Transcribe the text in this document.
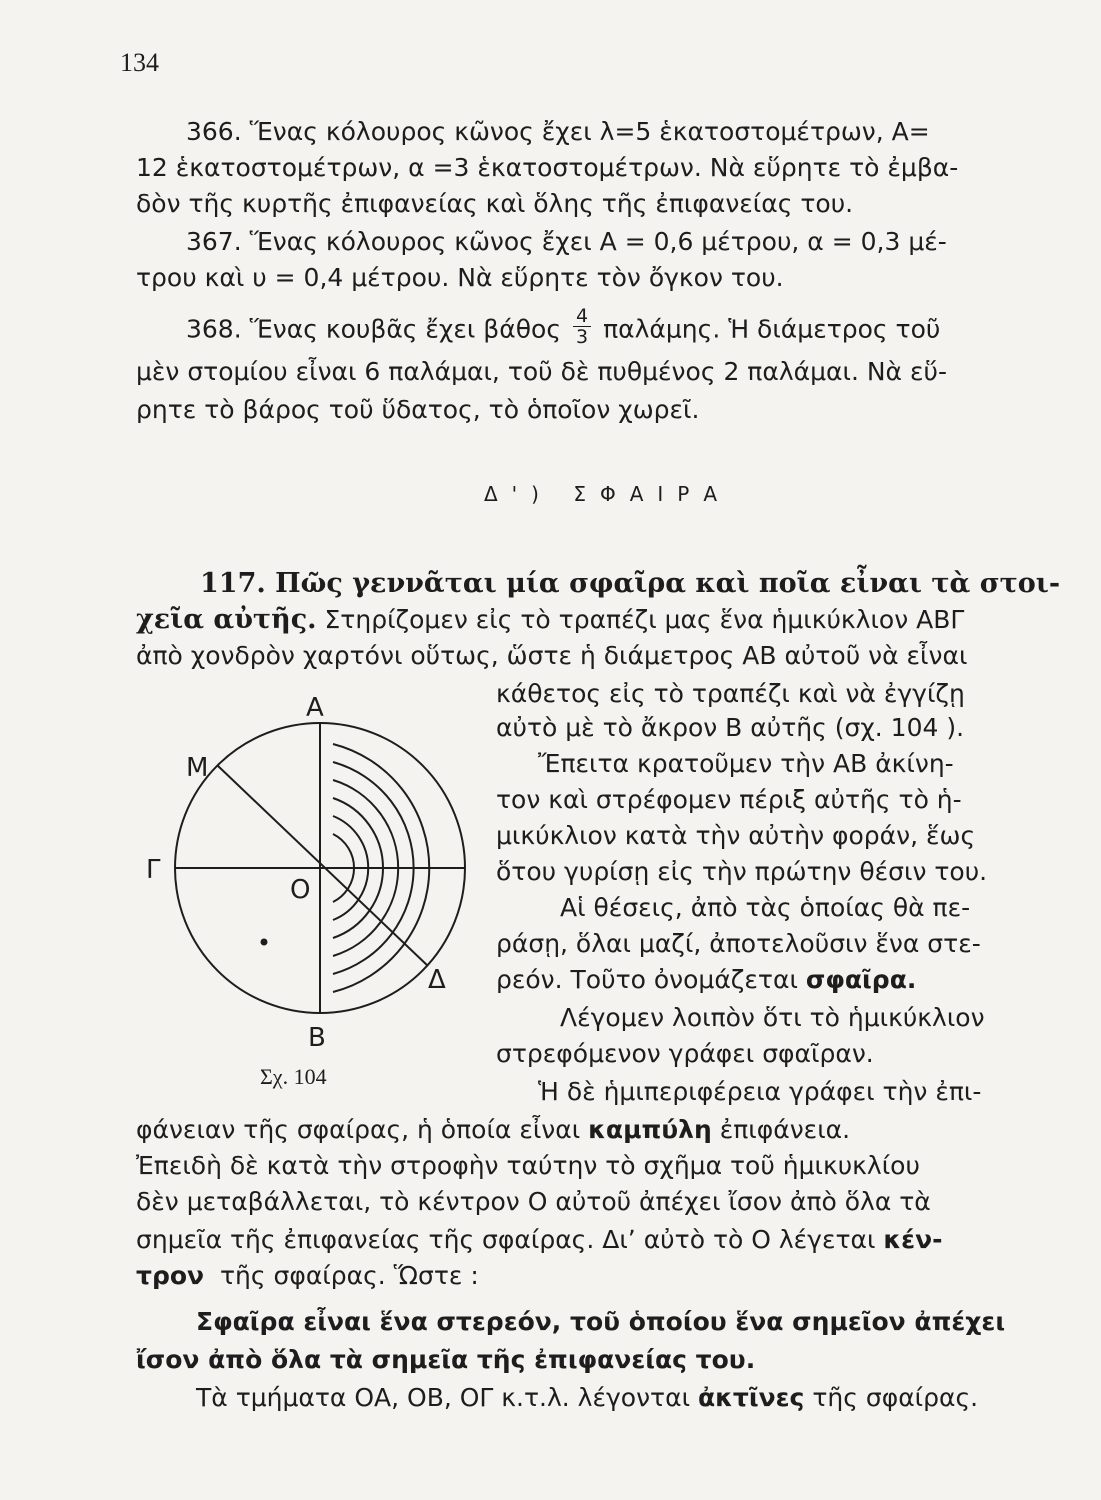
134
366. Ἕνας κόλουρος κῶνος ἔχει λ=5 ἑκατοστομέτρων, Α=
12 ἑκατοστομέτρων, α =3 ἑκατοστομέτρων. Νὰ εὕρητε τὸ ἐμβα-
δὸν τῆς κυρτῆς ἐπιφανείας καὶ ὅλης τῆς ἐπιφανείας του.
367. Ἕνας κόλουρος κῶνος ἔχει Α = 0,6 μέτρου, α = 0,3 μέ-
τρου καὶ υ = 0,4 μέτρου. Νὰ εὕρητε τὸν ὄγκον του.
368. Ἕνας κουβᾶς ἔχει βάθος $\frac{4}{3} \pi\alpha\lambda ά\mu\eta\varsigma$. Ἡ διάμετρος τοῦ
μὲν στομίου εἶναι 6 παλάμαι, τοῦ δὲ πυθμένος 2 παλάμαι. Νὰ εὕ-
ρητε τὸ βάρος τοῦ ὕδατος, τὸ ὁποῖον χωρεῖ.
Δ') ΣΦΑΙΡΑ
117. Πῶς γεννᾶται μία σφαῖρα καὶ ποῖα εἶναι τὰ στοι-
χεῖα αὐτῆς. Στηρίζομεν εἰς τὸ τραπέζι μας ἕνα ἡμικύκλιον ΑΒΓ
ἀπὸ χονδρὸν χαρτόνι οὕτως, ὥστε ἡ διάμετρος ΑΒ αὐτοῦ νὰ εἶναι
κάθετος εἰς τὸ τραπέζι καὶ νὰ ἐγγίζῃ
αὐτὸ μὲ τὸ ἄκρον Β αὐτῆς (σχ. 104 ).
Ἔπειτα κρατοῦμεν τὴν ΑΒ ἀκίνη-
τον καὶ στρέφομεν πέριξ αὐτῆς τὸ ἡ-
μικύκλιον κατὰ τὴν αὐτὴν φοράν, ἕως
ὅτου γυρίσῃ εἰς τὴν πρώτην θέσιν του.
Αἱ θέσεις, ἀπὸ τὰς ὁποίας θὰ πε-
ράσῃ, ὅλαι μαζί, ἀποτελοῦσιν ἕνα στε-
ρεόν. Τοῦτο ὀνομάζεται σφαῖρα.
Λέγομεν λοιπὸν ὅτι τὸ ἡμικύκλιον
στρεφόμενον γράφει σφαῖραν.
Ἡ δὲ ἡμιπεριφέρεια γράφει τὴν ἐπι-
φάνειαν τῆς σφαίρας, ἡ ὁποία εἶναι καμπύλη ἐπιφάνεια.
Ἐπειδὴ δὲ κατὰ τὴν στροφὴν ταύτην τὸ σχῆμα τοῦ ἡμικυκλίου
δὲν μεταβάλλεται, τὸ κέντρον Ο αὐτοῦ ἀπέχει ἴσον ἀπὸ ὅλα τὰ
σημεῖα τῆς ἐπιφανείας τῆς σφαίρας. Διʼ αὐτὸ τὸ Ο λέγεται κέν-
τρον τῆς σφαίρας. Ὥστε :
Σφαῖρα εἶναι ἕνα στερεόν, τοῦ ὁποίου ἕνα σημεῖον ἀπέχει
ἴσον ἀπὸ ὅλα τὰ σημεῖα τῆς ἐπιφανείας του.
Τὰ τμήματα ΟΑ, ΟΒ, ΟΓ κ.τ.λ. λέγονται ἀκτῖνες τῆς σφαίρας.
Α
Β
Γ
Μ
Ο
Δ
Σχ. 104
